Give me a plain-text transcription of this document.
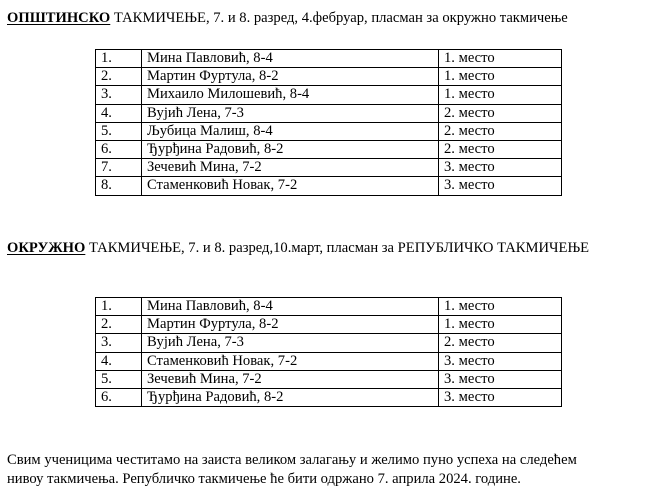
ОПШТИНСКО ТАКМИЧЕЊЕ, 7. и 8. разред, 4.фебруар, пласман за окружно такмичење

1.	Мина Павловић, 8-4	1. место
2.	Мартин Фуртула, 8-2	1. место
3.	Михаило Милошевић, 8-4	1. место
4.	Вујић Лена, 7-3	2. место
5.	Љубица Малиш, 8-4	2. место
6.	Ђурђина Радовић, 8-2	2. место
7.	Зечевић Мина, 7-2	3. место
8.	Стаменковић Новак, 7-2	3. место

ОКРУЖНО ТАКМИЧЕЊЕ, 7. и 8. разред,10.март, пласман за РЕПУБЛИЧКО ТАКМИЧЕЊЕ

1.	Мина Павловић, 8-4	1. место
2.	Мартин Фуртула, 8-2	1. место
3.	Вујић Лена, 7-3	2. место
4.	Стаменковић Новак, 7-2	3. место
5.	Зечевић Мина, 7-2	3. место
6.	Ђурђина Радовић, 8-2	3. место

Свим ученицима честитамо на заиста великом залагању и желимо пуно успеха на следећем
нивоу такмичења. Републичко такмичење ће бити одржано 7. априла 2024. године.
